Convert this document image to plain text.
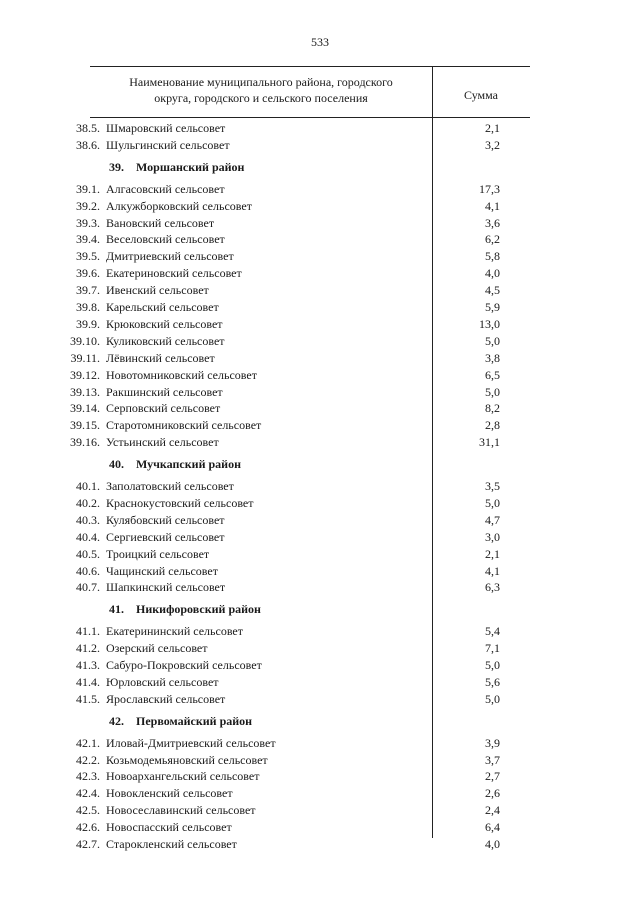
533
Наименование муниципального района, городского
округа, городского и сельского поселения	Сумма
38.5. Шмаровский сельсовет	2,1
38.6. Шульгинский сельсовет	3,2
39. Моршанский район
39.1. Алгасовский сельсовет	17,3
39.2. Алкужборковский сельсовет	4,1
39.3. Вановский сельсовет	3,6
39.4. Веселовский сельсовет	6,2
39.5. Дмитриевский сельсовет	5,8
39.6. Екатериновский сельсовет	4,0
39.7. Ивенский сельсовет	4,5
39.8. Карельский сельсовет	5,9
39.9. Крюковский сельсовет	13,0
39.10. Куликовский сельсовет	5,0
39.11. Лёвинский сельсовет	3,8
39.12. Новотомниковский сельсовет	6,5
39.13. Ракшинский сельсовет	5,0
39.14. Серповский сельсовет	8,2
39.15. Старотомниковский сельсовет	2,8
39.16. Устьинский сельсовет	31,1
40. Мучкапский район
40.1. Заполатовский сельсовет	3,5
40.2. Краснокустовский сельсовет	5,0
40.3. Кулябовский сельсовет	4,7
40.4. Сергиевский сельсовет	3,0
40.5. Троицкий сельсовет	2,1
40.6. Чащинский сельсовет	4,1
40.7. Шапкинский сельсовет	6,3
41. Никифоровский район
41.1. Екатерининский сельсовет	5,4
41.2. Озерский сельсовет	7,1
41.3. Сабуро-Покровский сельсовет	5,0
41.4. Юрловский сельсовет	5,6
41.5. Ярославский сельсовет	5,0
42. Первомайский район
42.1. Иловай-Дмитриевский сельсовет	3,9
42.2. Козьмодемьяновский сельсовет	3,7
42.3. Новоархангельский сельсовет	2,7
42.4. Новокленский сельсовет	2,6
42.5. Новосеславинский сельсовет	2,4
42.6. Новоспасский сельсовет	6,4
42.7. Старокленский сельсовет	4,0
